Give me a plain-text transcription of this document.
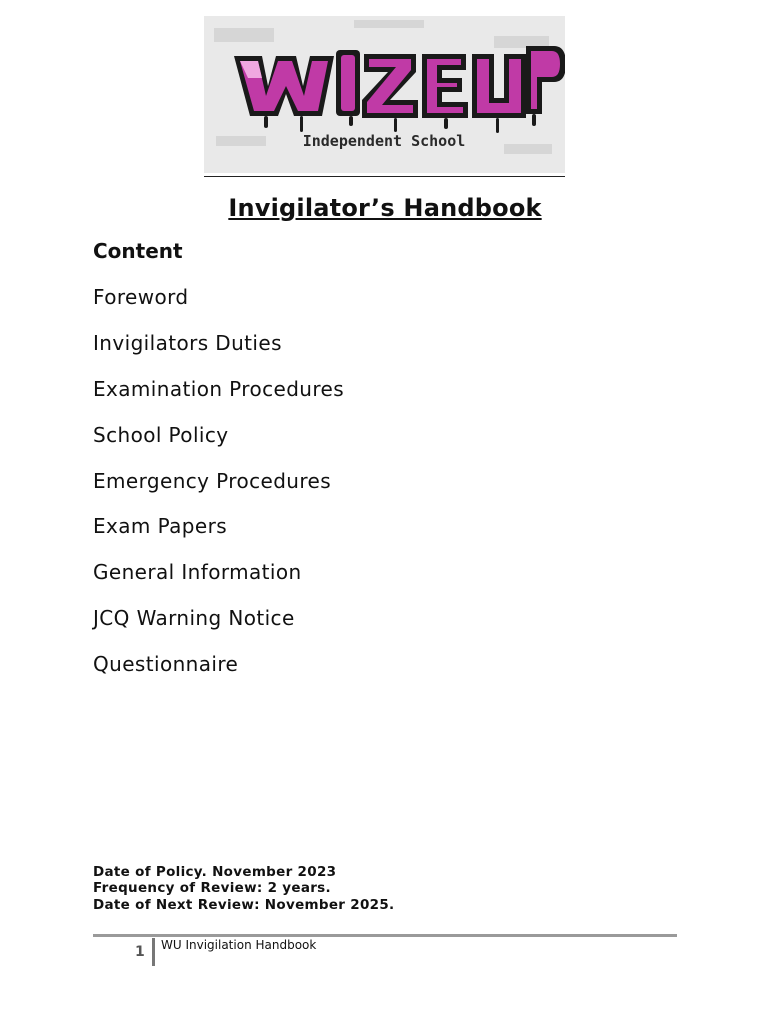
Independent School
Invigilator’s Handbook
Content
Foreword
Invigilators Duties
Examination Procedures
School Policy
Emergency Procedures
Exam Papers
General Information
JCQ Warning Notice
Questionnaire
Date of Policy. November 2023
Frequency of Review: 2 years.
Date of Next Review: November 2025.
1 WU Invigilation Handbook
